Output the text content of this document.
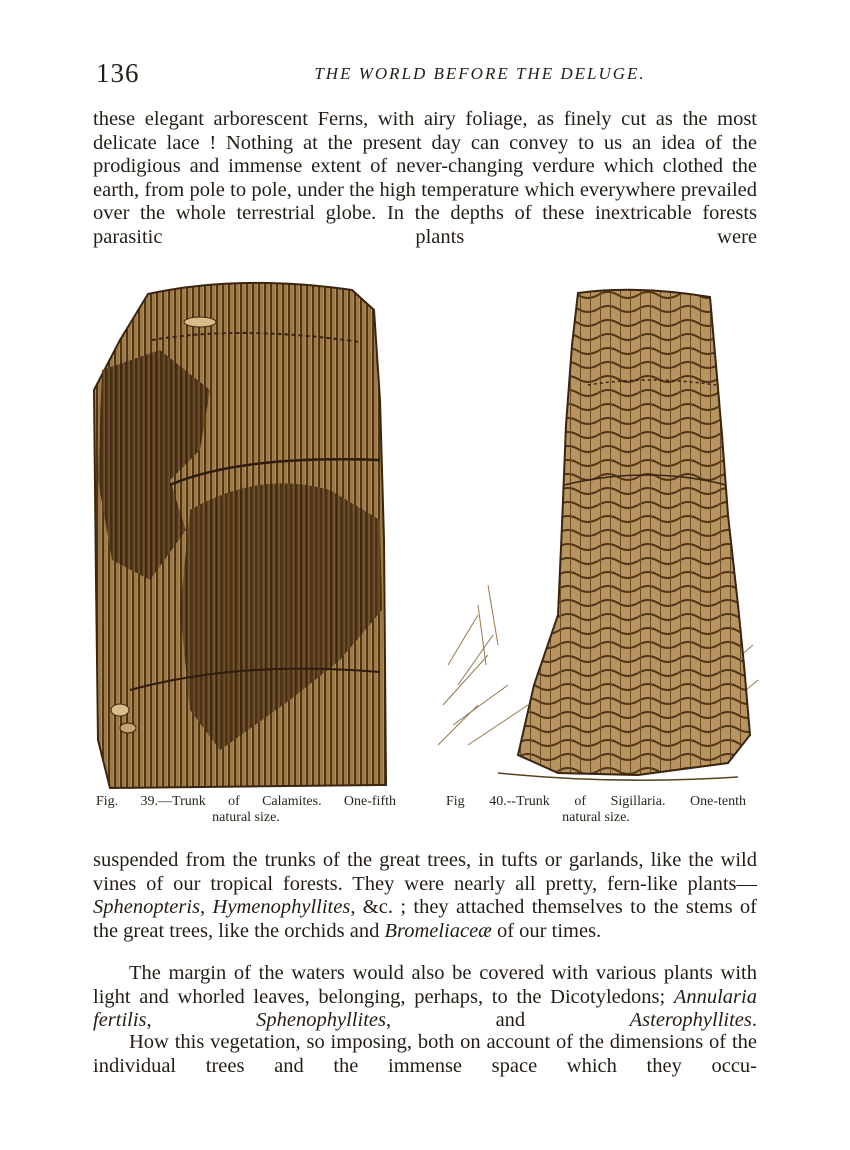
136	THE WORLD BEFORE THE DELUGE.

these elegant arborescent Ferns, with airy foliage, as finely cut as the most delicate lace ! Nothing at the present day can convey to us an idea of the prodigious and immense extent of never-changing verdure which clothed the earth, from pole to pole, under the high temperature which everywhere prevailed over the whole terrestrial globe. In the depths of these inextricable forests parasitic plants were

Fig. 39.—Trunk of Calamites. One-fifth
natural size.
Fig 40.--Trunk of Sigillaria. One-tenth
natural size.

suspended from the trunks of the great trees, in tufts or garlands, like the wild vines of our tropical forests. They were nearly all pretty, fern-like plants—Sphenopteris, Hymenophyllites, &c. ; they attached themselves to the stems of the great trees, like the orchids and Bromeliaceæ of our times.

The margin of the waters would also be covered with various plants with light and whorled leaves, belonging, perhaps, to the Dicotyledons; Annularia fertilis, Sphenophyllites, and Asterophyllites.

How this vegetation, so imposing, both on account of the dimensions of the individual trees and the immense space which they occu-
